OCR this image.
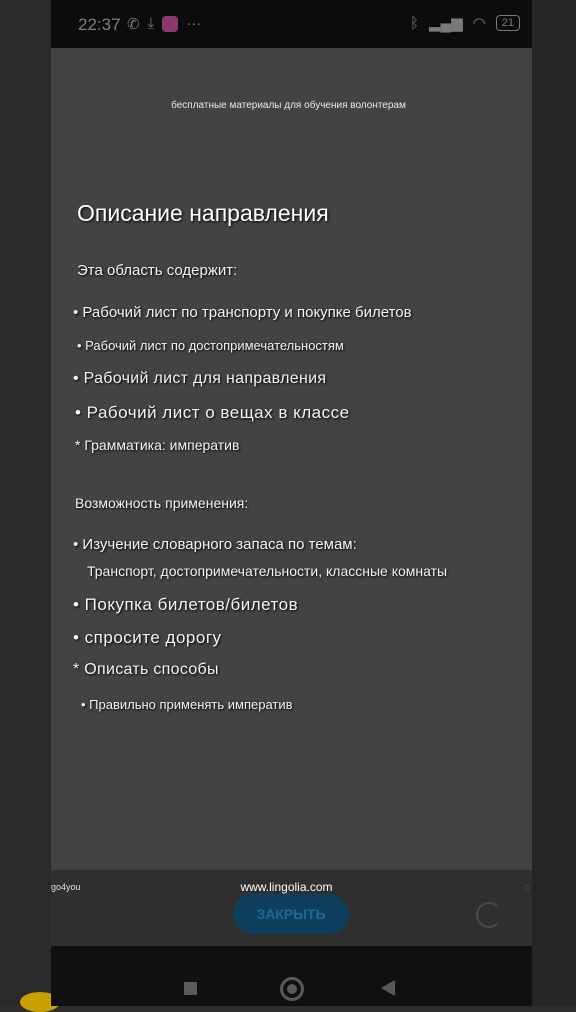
22:37 ✆ ⤓ ···	ᛒ ▂▄▆ ◠	21
бесплатные материалы для обучения волонтерам
Описание направления
Эта область содержит:
• Рабочий лист по транспорту и покупке билетов
• Рабочий лист по достопримечательностям
• Рабочий лист для направления
• Рабочий лист о вещах в классе
* Грамматика: императив
Возможность применения:
• Изучение словарного запаса по темам:
Транспорт, достопримечательности, классные комнаты
• Покупка билетов/билетов
• спросите дорогу
* Описать способы
• Правильно применять императив
go4you	www.lingolia.com
ЗАКРЫТЬ
⌂
